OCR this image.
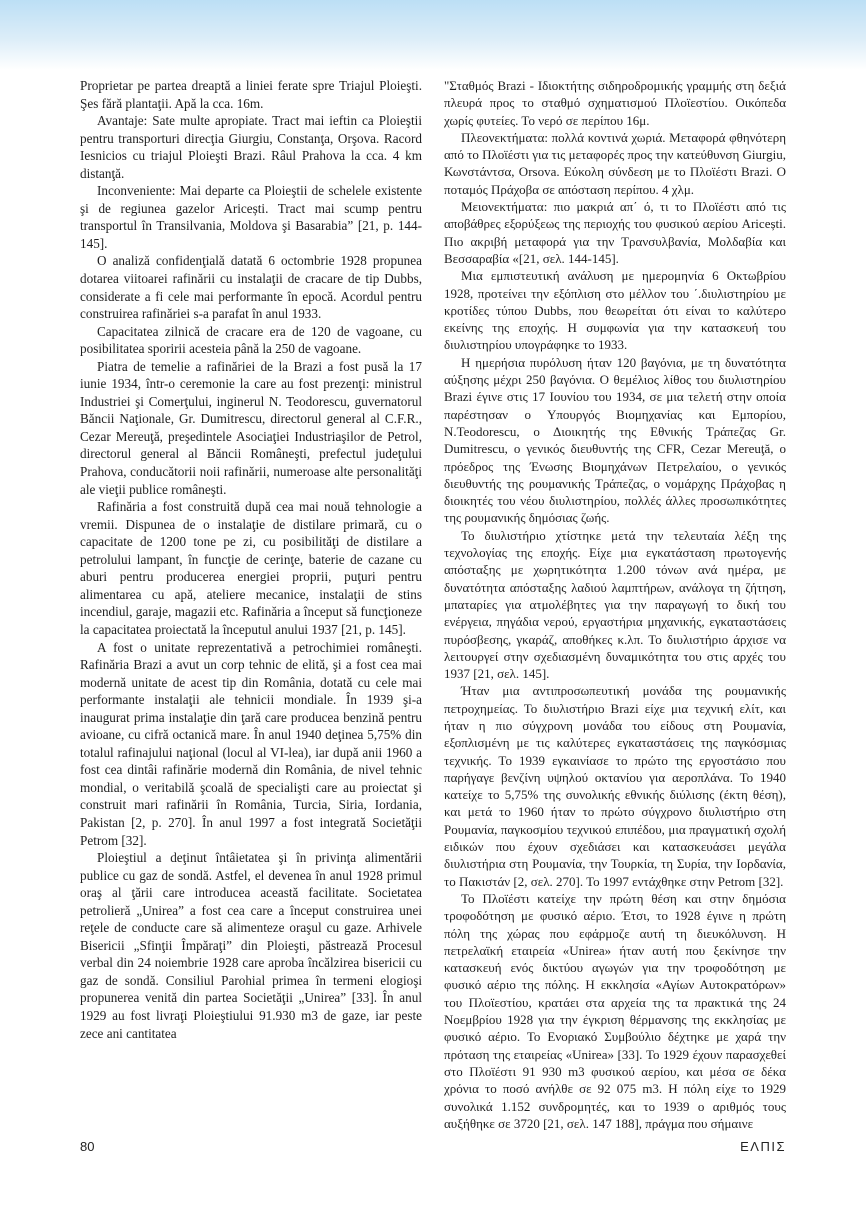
Proprietar pe partea dreaptă a liniei ferate spre Triajul Ploieşti. Şes fără plantaţii. Apă la cca. 16m.

Avantaje: Sate multe apropiate. Tract mai ieftin ca Ploieştii pentru transporturi direcţia Giurgiu, Constanţa, Orşova. Racord Iesnicios cu triajul Ploieşti Brazi. Râul Prahova la cca. 4 km distanţă.

Inconveniente: Mai departe ca Ploieştii de schelele existente şi de regiunea gazelor Aricești. Tract mai scump pentru transportul în Transilvania, Moldova şi Basarabia” [21, p. 144-145].

O analiză confidenţială datată 6 octombrie 1928 propunea dotarea viitoarei rafinării cu instalaţii de cracare de tip Dubbs, considerate a fi cele mai performante în epocă. Acordul pentru construirea rafinăriei s-a parafat în anul 1933.

Capacitatea zilnică de cracare era de 120 de vagoane, cu posibilitatea sporirii acesteia până la 250 de vagoane.

Piatra de temelie a rafinăriei de la Brazi a fost pusă la 17 iunie 1934, într-o ceremonie la care au fost prezenţi: ministrul Industriei şi Comerţului, inginerul N. Teodorescu, guvernatorul Băncii Naţionale, Gr. Dumitrescu, directorul general al C.F.R., Cezar Mereuţă, preşedintele Asociaţiei Industriaşilor de Petrol, directorul general al Băncii Româneşti, prefectul judeţului Prahova, conducătorii noii rafinării, numeroase alte personalităţi ale vieţii publice româneşti.

Rafinăria a fost construită după cea mai nouă tehnologie a vremii. Dispunea de o instalaţie de distilare primară, cu o capacitate de 1200 tone pe zi, cu posibilităţi de distilare a petrolului lampant, în funcţie de cerinţe, baterie de cazane cu aburi pentru producerea energiei proprii, puţuri pentru alimentarea cu apă, ateliere mecanice, instalaţii de stins incendiul, garaje, magazii etc. Rafinăria a început să funcţioneze la capacitatea proiectată la începutul anului 1937 [21, p. 145].

A fost o unitate reprezentativă a petrochimiei româneşti. Rafinăria Brazi a avut un corp tehnic de elită, şi a fost cea mai modernă unitate de acest tip din România, dotată cu cele mai performante instalaţii ale tehnicii mondiale. În 1939 şi-a inaugurat prima instalaţie din ţară care producea benzină pentru avioane, cu cifră octanică mare. În anul 1940 deţinea 5,75% din totalul rafinajului naţional (locul al VI-lea), iar după anii 1960 a fost cea dintâi rafinărie modernă din România, de nivel tehnic mondial, o veritabilă şcoală de specialişti care au proiectat şi construit mari rafinării în România, Turcia, Siria, Iordania, Pakistan [2, p. 270]. În anul 1997 a fost integrată Societăţii Petrom [32].

Ploieştiul a deţinut întâietatea şi în privinţa alimentării publice cu gaz de sondă. Astfel, el devenea în anul 1928 primul oraş al ţării care introducea această facilitate. Societatea petrolieră „Unirea” a fost cea care a început construirea unei reţele de conducte care să alimenteze oraşul cu gaze. Arhivele Bisericii „Sfinţii Împăraţi” din Ploieşti, păstrează Procesul verbal din 24 noiembrie 1928 care aproba încălzirea bisericii cu gaz de sondă. Consiliul Parohial primea în termeni elogioşi propunerea venită din partea Societăţii „Unirea” [33]. În anul 1929 au fost livraţi Ploieştiului 91.930 m3 de gaze, iar peste zece ani cantitatea

"Σταθμός Brazi - Ιδιοκτήτης σιδηροδρομικής γραμμής στη δεξιά πλευρά προς το σταθμό σχηματισμού Πλοϊεστίου. Οικόπεδα χωρίς φυτείες. Το νερό σε περίπου 16μ.

Πλεονεκτήματα: πολλά κοντινά χωριά. Μεταφορά φθηνότερη από το Πλοϊέστι για τις μεταφορές προς την κατεύθυνση Giurgiu, Κωνστάντσα, Orsova. Εύκολη σύνδεση με το Πλοϊέστι Brazi. Ο ποταμός Πράχοβα σε απόσταση περίπου. 4 χλμ.

Μειονεκτήματα: πιο μακριά απ΄ ό, τι το Πλοϊέστι από τις αποβάθρες εξορύξεως της περιοχής του φυσικού αερίου Aricești. Πιο ακριβή μεταφορά για την Τρανσυλβανία, Μολδαβία και Βεσσαραβία «[21, σελ. 144-145].

Μια εμπιστευτική ανάλυση με ημερομηνία 6 Οκτωβρίου 1928, προτείνει την εξόπλιση στο μέλλον του ΄.διυλιστηρίου με κροτίδες τύπου Dubbs, που θεωρείται ότι είναι το καλύτερο εκείνης της εποχής. Η συμφωνία για την κατασκευή του διυλιστηρίου υπογράφηκε το 1933.

Η ημερήσια πυρόλυση ήταν 120 βαγόνια, με τη δυνατότητα αύξησης μέχρι 250 βαγόνια. Ο θεμέλιος λίθος του διυλιστηρίου Brazi έγινε στις 17 Ιουνίου του 1934, σε μια τελετή στην οποία παρέστησαν ο Υπουργός Βιομηχανίας και Εμπορίου, N.Teodorescu, ο Διοικητής της Εθνικής Τράπεζας Gr. Dumitrescu, ο γενικός διευθυντής της CFR, Cezar Mereuţă, ο πρόεδρος της Ένωσης Βιομηχάνων Πετρελαίου, ο γενικός διευθυντής της ρουμανικής Τράπεζας, ο νομάρχης Πράχοβας η διοικητές του νέου διυλιστηρίου, πολλές άλλες προσωπικότητες της ρουμανικής δημόσιας ζωής.

Το διυλιστήριο χτίστηκε μετά την τελευταία λέξη της τεχνολογίας της εποχής. Είχε μια εγκατάσταση πρωτογενής απόσταξης με χωρητικότητα 1.200 τόνων ανά ημέρα, με δυνατότητα απόσταξης λαδιού λαμπτήρων, ανάλογα τη ζήτηση, μπαταρίες για ατμολέβητες για την παραγωγή το δική του ενέργεια, πηγάδια νερού, εργαστήρια μηχανικής, εγκαταστάσεις πυρόσβεσης, γκαράζ, αποθήκες κ.λπ. Το διυλιστήριο άρχισε να λειτουργεί στην σχεδιασμένη δυναμικότητα του στις αρχές του 1937 [21, σελ. 145].

Ήταν μια αντιπροσωπευτική μονάδα της ρουμανικής πετροχημείας. Το διυλιστήριο Brazi είχε μια τεχνική ελίτ, και ήταν η πιο σύγχρονη μονάδα του είδους στη Ρουμανία, εξοπλισμένη με τις καλύτερες εγκαταστάσεις της παγκόσμιας τεχνικής. Το 1939 εγκαινίασε το πρώτο της εργοστάσιο που παρήγαγε βενζίνη υψηλού οκτανίου για αεροπλάνα. Το 1940 κατείχε το 5,75% της συνολικής εθνικής διύλισης (έκτη θέση), και μετά το 1960 ήταν το πρώτο σύγχρονο διυλιστήριο στη Ρουμανία, παγκοσμίου τεχνικού επιπέδου, μια πραγματική σχολή ειδικών που έχουν σχεδιάσει και κατασκευάσει μεγάλα διυλιστήρια στη Ρουμανία, την Τουρκία, τη Συρία, την Ιορδανία, το Πακιστάν [2, σελ. 270]. Το 1997 εντάχθηκε στην Petrom [32].

Το Πλοϊέστι κατείχε την πρώτη θέση και στην δημόσια τροφοδότηση με φυσικό αέριο. Έτσι, το 1928 έγινε η πρώτη πόλη της χώρας που εφάρμοζε αυτή τη διευκόλυνση. Η πετρελαϊκή εταιρεία «Unirea» ήταν αυτή που ξεκίνησε την κατασκευή ενός δικτύου αγωγών για την τροφοδότηση με φυσικό αέριο της πόλης. Η εκκλησία «Αγίων Αυτοκρατόρων» του Πλοϊεστίου, κρατάει στα αρχεία της τα πρακτικά της 24 Νοεμβρίου 1928 για την έγκριση θέρμανσης της εκκλησίας με φυσικό αέριο. Το Ενοριακό Συμβούλιο δέχτηκε με χαρά την πρόταση της εταιρείας «Unirea» [33]. Το 1929 έχουν παρασχεθεί στο Πλοϊέστι 91 930 m3 φυσικού αερίου, και μέσα σε δέκα χρόνια το ποσό ανήλθε σε 92 075 m3. Η πόλη είχε το 1929 συνολικά 1.152 συνδρομητές, και το 1939 ο αριθμός τους αυξήθηκε σε 3720 [21, σελ. 147 188], πράγμα που σήμαινε

80	ΕΛΠΙΣ
